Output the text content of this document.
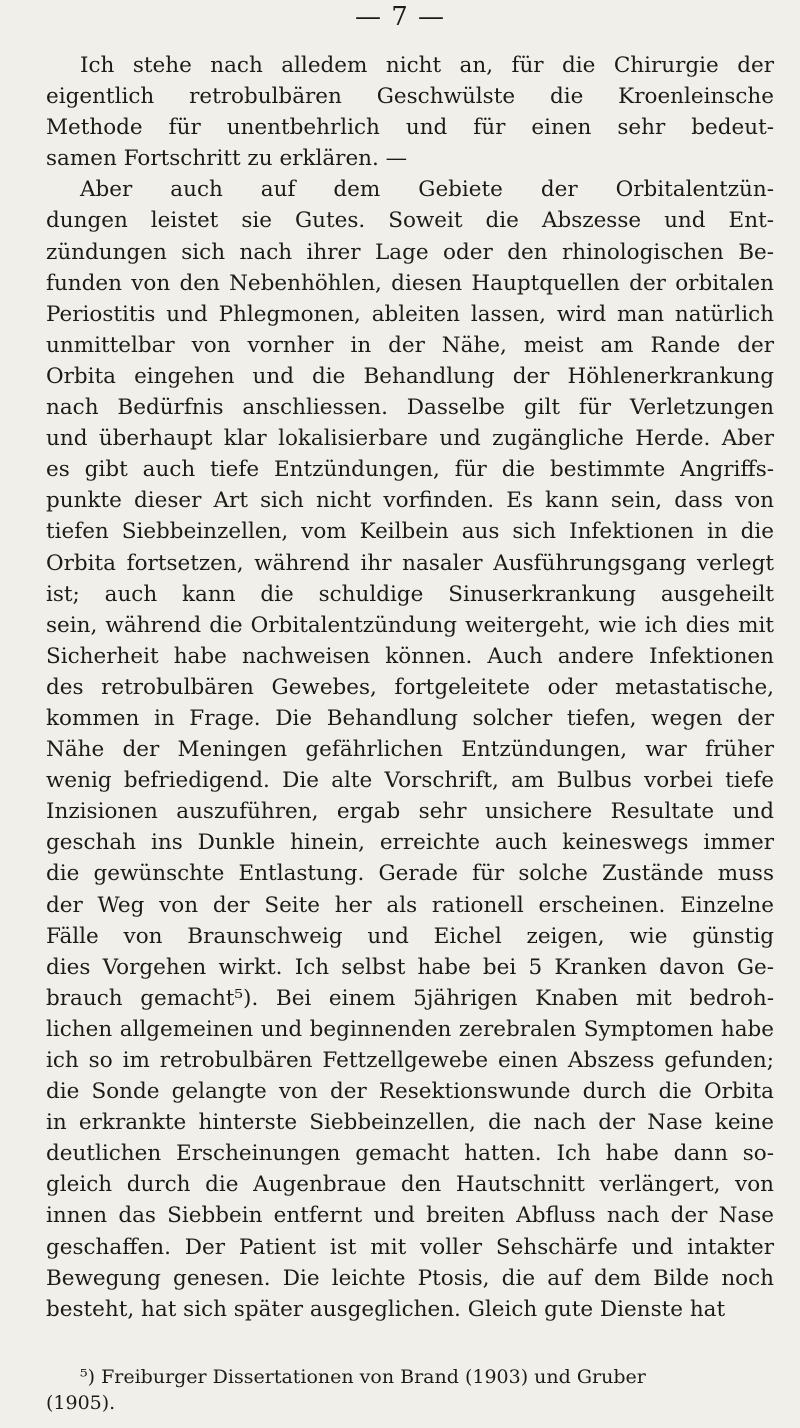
— 7 —
Ich stehe nach alledem nicht an, für die Chirurgie der
eigentlich retrobulbären Geschwülste die Kroenleinsche
Methode für unentbehrlich und für einen sehr bedeut-
samen Fortschritt zu erklären. —
Aber auch auf dem Gebiete der Orbitalentzün-
dungen leistet sie Gutes. Soweit die Abszesse und Ent-
zündungen sich nach ihrer Lage oder den rhinologischen Be-
funden von den Nebenhöhlen, diesen Hauptquellen der orbitalen
Periostitis und Phlegmonen, ableiten lassen, wird man natürlich
unmittelbar von vornher in der Nähe, meist am Rande der
Orbita eingehen und die Behandlung der Höhlenerkrankung
nach Bedürfnis anschliessen. Dasselbe gilt für Verletzungen
und überhaupt klar lokalisierbare und zugängliche Herde. Aber
es gibt auch tiefe Entzündungen, für die bestimmte Angriffs-
punkte dieser Art sich nicht vorfinden. Es kann sein, dass von
tiefen Siebbeinzellen, vom Keilbein aus sich Infektionen in die
Orbita fortsetzen, während ihr nasaler Ausführungsgang verlegt
ist; auch kann die schuldige Sinuserkrankung ausgeheilt
sein, während die Orbitalentzündung weitergeht, wie ich dies mit
Sicherheit habe nachweisen können. Auch andere Infektionen
des retrobulbären Gewebes, fortgeleitete oder metastatische,
kommen in Frage. Die Behandlung solcher tiefen, wegen der
Nähe der Meningen gefährlichen Entzündungen, war früher
wenig befriedigend. Die alte Vorschrift, am Bulbus vorbei tiefe
Inzisionen auszuführen, ergab sehr unsichere Resultate und
geschah ins Dunkle hinein, erreichte auch keineswegs immer
die gewünschte Entlastung. Gerade für solche Zustände muss
der Weg von der Seite her als rationell erscheinen. Einzelne
Fälle von Braunschweig und Eichel zeigen, wie günstig
dies Vorgehen wirkt. Ich selbst habe bei 5 Kranken davon Ge-
brauch gemacht⁵). Bei einem 5jährigen Knaben mit bedroh-
lichen allgemeinen und beginnenden zerebralen Symptomen habe
ich so im retrobulbären Fettzellgewebe einen Abszess gefunden;
die Sonde gelangte von der Resektionswunde durch die Orbita
in erkrankte hinterste Siebbeinzellen, die nach der Nase keine
deutlichen Erscheinungen gemacht hatten. Ich habe dann so-
gleich durch die Augenbraue den Hautschnitt verlängert, von
innen das Siebbein entfernt und breiten Abfluss nach der Nase
geschaffen. Der Patient ist mit voller Sehschärfe und intakter
Bewegung genesen. Die leichte Ptosis, die auf dem Bilde noch
besteht, hat sich später ausgeglichen. Gleich gute Dienste hat
⁵) Freiburger Dissertationen von Brand (1903) und Gruber
(1905).
